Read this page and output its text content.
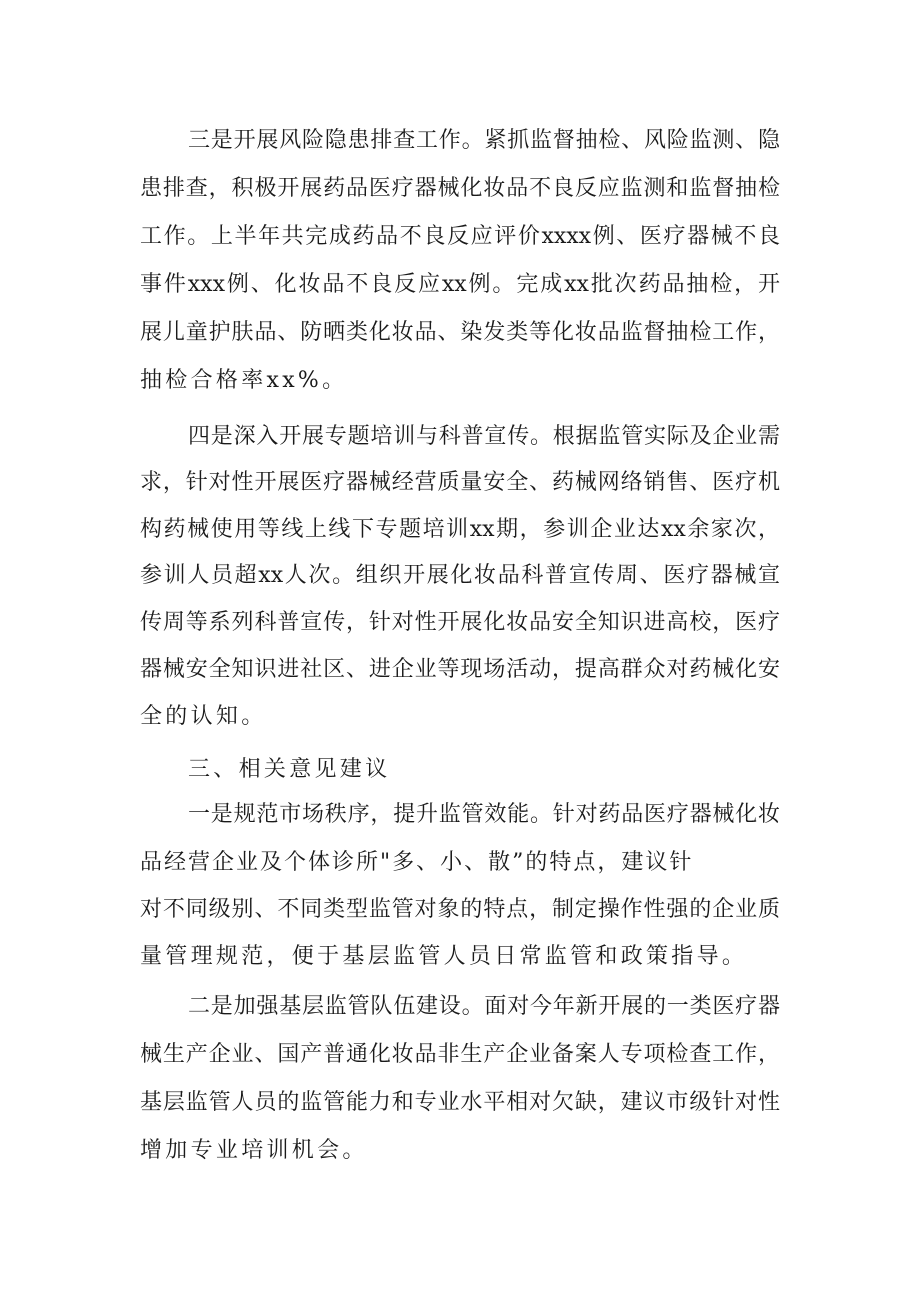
三是开展风险隐患排查工作。紧抓监督抽检、风险监测、隐
患排查，积极开展药品医疗器械化妆品不良反应监测和监督抽检
工作。上半年共完成药品不良反应评价xxxx例、医疗器械不良
事件xxx例、化妆品不良反应xx例。完成xx批次药品抽检，开
展儿童护肤品、防晒类化妆品、染发类等化妆品监督抽检工作，
抽检合格率xx%。
四是深入开展专题培训与科普宣传。根据监管实际及企业需
求，针对性开展医疗器械经营质量安全、药械网络销售、医疗机
构药械使用等线上线下专题培训xx期，参训企业达xx余家次，
参训人员超xx人次。组织开展化妆品科普宣传周、医疗器械宣
传周等系列科普宣传，针对性开展化妆品安全知识进高校，医疗
器械安全知识进社区、进企业等现场活动，提高群众对药械化安
全的认知。
三、相关意见建议
一是规范市场秩序，提升监管效能。针对药品医疗器械化妆
品经营企业及个体诊所"多、小、散”的特点，建议针
对不同级别、不同类型监管对象的特点，制定操作性强的企业质
量管理规范，便于基层监管人员日常监管和政策指导。
二是加强基层监管队伍建设。面对今年新开展的一类医疗器
械生产企业、国产普通化妆品非生产企业备案人专项检查工作，
基层监管人员的监管能力和专业水平相对欠缺，建议市级针对性
增加专业培训机会。
